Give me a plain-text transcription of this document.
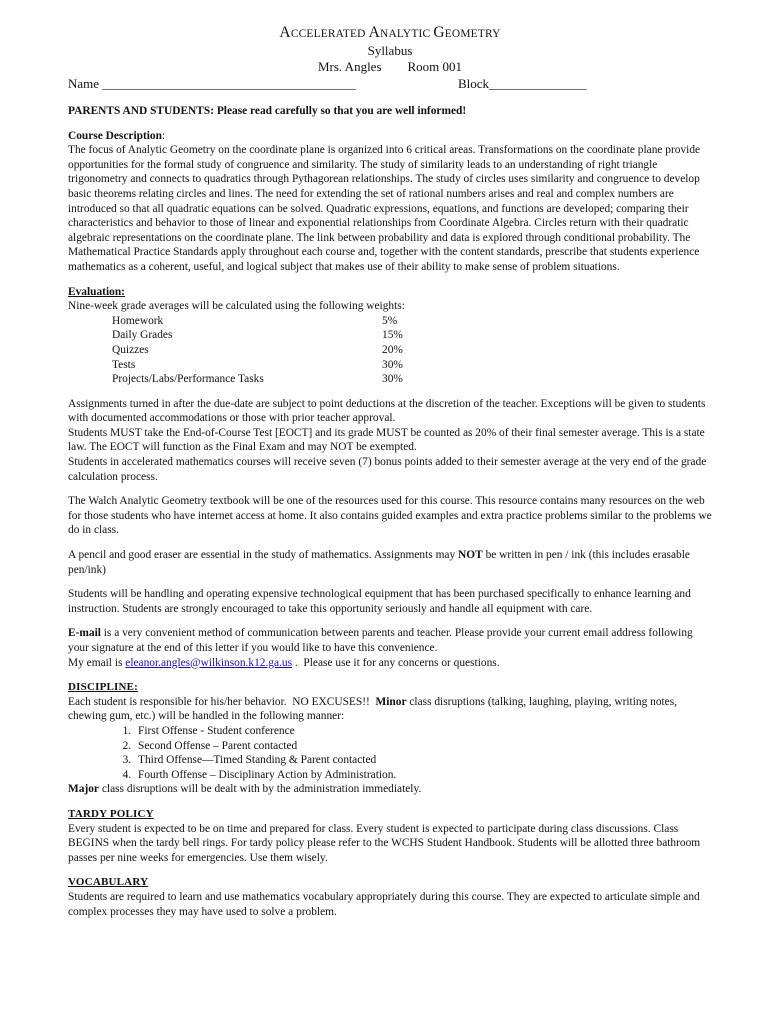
ACCELERATED ANALYTIC GEOMETRY
Syllabus
Mrs. Angles        Room 001
Name _______________________________________	Block_______________

PARENTS AND STUDENTS: Please read carefully so that you are well informed!

Course Description:

The focus of Analytic Geometry on the coordinate plane is organized into 6 critical areas. Transformations on the coordinate plane provide opportunities for the formal study of congruence and similarity. The study of similarity leads to an understanding of right triangle trigonometry and connects to quadratics through Pythagorean relationships. The study of circles uses similarity and congruence to develop basic theorems relating circles and lines. The need for extending the set of rational numbers arises and real and complex numbers are introduced so that all quadratic equations can be solved. Quadratic expressions, equations, and functions are developed; comparing their characteristics and behavior to those of linear and exponential relationships from Coordinate Algebra. Circles return with their quadratic algebraic representations on the coordinate plane. The link between probability and data is explored through conditional probability. The Mathematical Practice Standards apply throughout each course and, together with the content standards, prescribe that students experience mathematics as a coherent, useful, and logical subject that makes use of their ability to make sense of problem situations.

Evaluation:

Nine-week grade averages will be calculated using the following weights:

Homework	5%
Daily Grades	15%
Quizzes	20%
Tests	30%
Projects/Labs/Performance Tasks	30%

Assignments turned in after the due-date are subject to point deductions at the discretion of the teacher. Exceptions will be given to students with documented accommodations or those with prior teacher approval.

Students MUST take the End-of-Course Test [EOCT] and its grade MUST be counted as 20% of their final semester average. This is a state law. The EOCT will function as the Final Exam and may NOT be exempted.

Students in accelerated mathematics courses will receive seven (7) bonus points added to their semester average at the very end of the grade calculation process.

The Walch Analytic Geometry textbook will be one of the resources used for this course. This resource contains many resources on the web for those students who have internet access at home. It also contains guided examples and extra practice problems similar to the problems we do in class.

A pencil and good eraser are essential in the study of mathematics. Assignments may NOT be written in pen / ink (this includes erasable pen/ink)

Students will be handling and operating expensive technological equipment that has been purchased specifically to enhance learning and instruction. Students are strongly encouraged to take this opportunity seriously and handle all equipment with care.

E-mail is a very convenient method of communication between parents and teacher. Please provide your current email address following your signature at the end of this letter if you would like to have this convenience.

My email is eleanor.angles@wilkinson.k12.ga.us .  Please use it for any concerns or questions.

DISCIPLINE:

Each student is responsible for his/her behavior.  NO EXCUSES!!  Minor class disruptions (talking, laughing, playing, writing notes, chewing gum, etc.) will be handled in the following manner:

1. First Offense - Student conference
2. Second Offense – Parent contacted
3. Third Offense—Timed Standing & Parent contacted
4. Fourth Offense – Disciplinary Action by Administration.

Major class disruptions will be dealt with by the administration immediately.

TARDY POLICY

Every student is expected to be on time and prepared for class. Every student is expected to participate during class discussions. Class BEGINS when the tardy bell rings. For tardy policy please refer to the WCHS Student Handbook. Students will be allotted three bathroom passes per nine weeks for emergencies. Use them wisely.

VOCABULARY

Students are required to learn and use mathematics vocabulary appropriately during this course. They are expected to articulate simple and complex processes they may have used to solve a problem.
